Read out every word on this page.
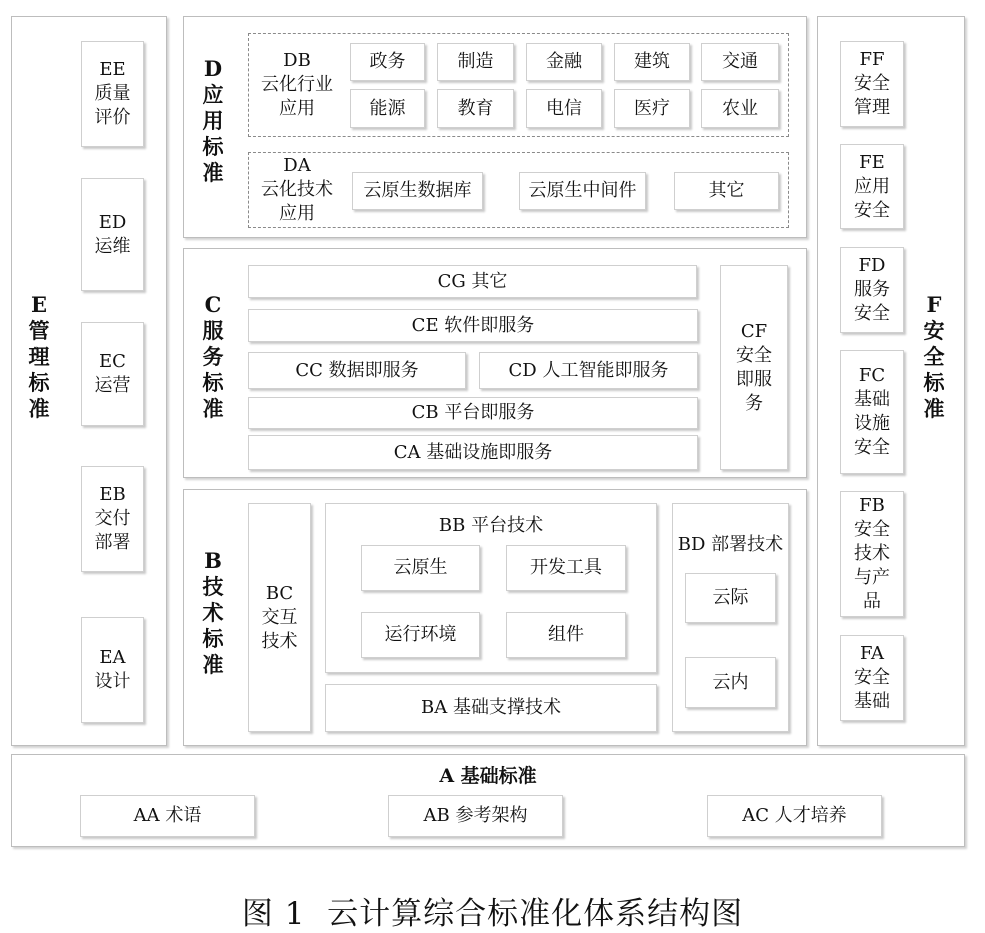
E
管
理
标
准
EE
质量
评价
ED
运维
EC
运营
EB
交付
部署
EA
设计
F
安
全
标
准
FF
安全
管理
FE
应用
安全
FD
服务
安全
FC
基础
设施
安全
FB
安全
技术
与产
品
FA
安全
基础
D
应
用
标
准
DB
云化行业
应用
政务	制造	金融	建筑	交通
能源	教育	电信	医疗	农业
DA
云化技术
应用
云原生数据库	云原生中间件	其它
C
服
务
标
准
CG 其它
CE 软件即服务
CC 数据即服务	CD 人工智能即服务
CB 平台即服务
CA 基础设施即服务
CF
安全
即服
务
B
技
术
标
准
BC
交互
技术
BB 平台技术
云原生	开发工具
运行环境	组件
BA 基础支撑技术
BD 部署技术
云际
云内
A 基础标准
AA 术语	AB 参考架构	AC 人才培养
图 1  云计算综合标准化体系结构图
